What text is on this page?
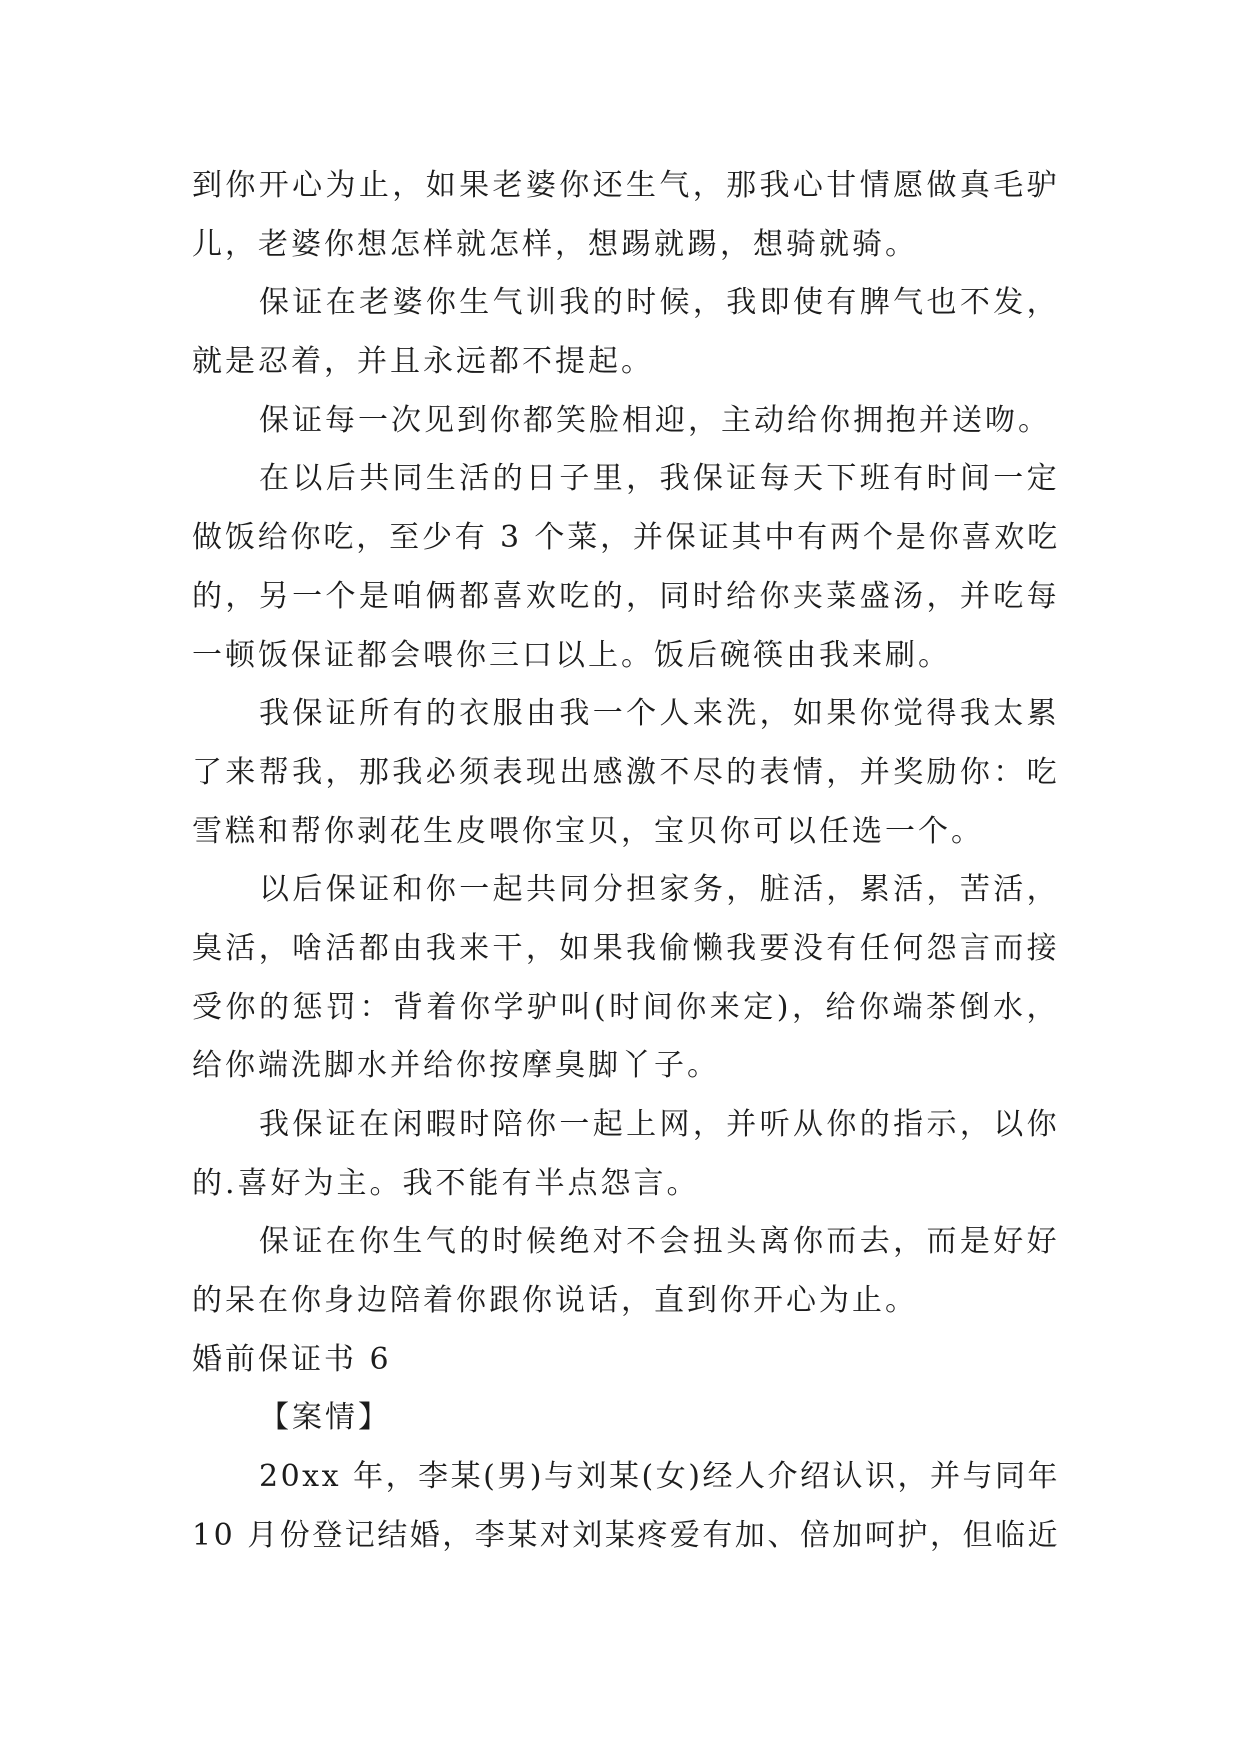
到你开心为止，如果老婆你还生气，那我心甘情愿做真毛驴
儿，老婆你想怎样就怎样，想踢就踢，想骑就骑。

保证在老婆你生气训我的时候，我即使有脾气也不发，
就是忍着，并且永远都不提起。

保证每一次见到你都笑脸相迎，主动给你拥抱并送吻。

在以后共同生活的日子里，我保证每天下班有时间一定
做饭给你吃，至少有 3 个菜，并保证其中有两个是你喜欢吃
的，另一个是咱俩都喜欢吃的，同时给你夹菜盛汤，并吃每
一顿饭保证都会喂你三口以上。饭后碗筷由我来刷。

我保证所有的衣服由我一个人来洗，如果你觉得我太累
了来帮我，那我必须表现出感激不尽的表情，并奖励你：吃
雪糕和帮你剥花生皮喂你宝贝，宝贝你可以任选一个。

以后保证和你一起共同分担家务，脏活，累活，苦活，
臭活，啥活都由我来干，如果我偷懒我要没有任何怨言而接
受你的惩罚：背着你学驴叫(时间你来定)，给你端茶倒水，
给你端洗脚水并给你按摩臭脚丫子。

我保证在闲暇时陪你一起上网，并听从你的指示，以你
的.喜好为主。我不能有半点怨言。

保证在你生气的时候绝对不会扭头离你而去，而是好好
的呆在你身边陪着你跟你说话，直到你开心为止。

婚前保证书 6

【案情】

20xx 年，李某(男)与刘某(女)经人介绍认识，并与同年
10 月份登记结婚，李某对刘某疼爱有加、倍加呵护，但临近
